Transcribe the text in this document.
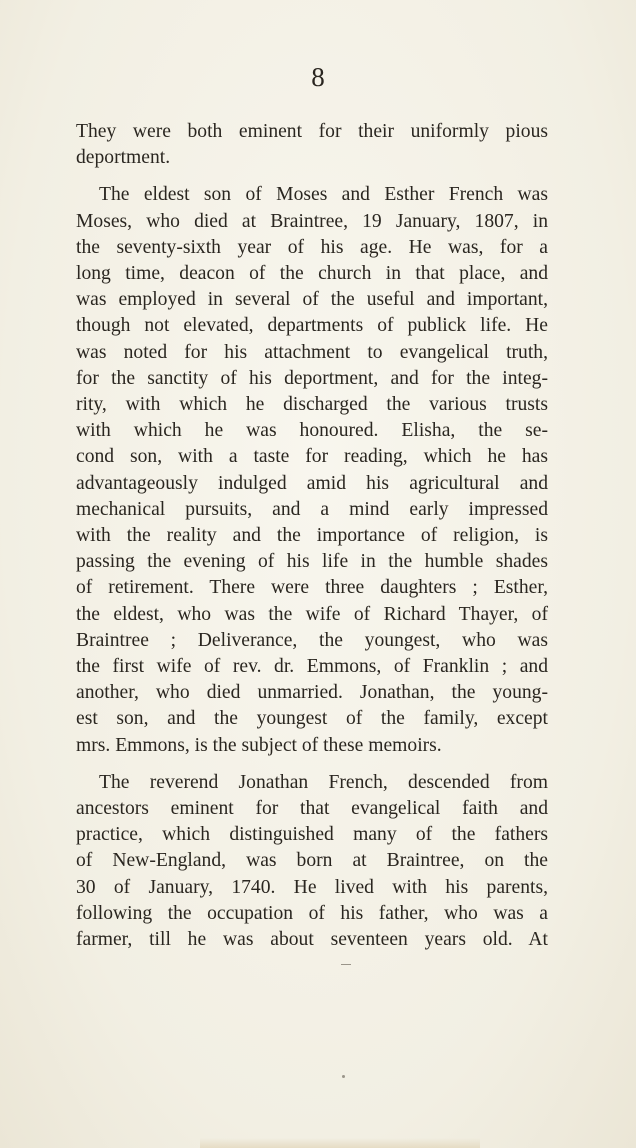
8

They were both eminent for their uniformly pious
deportment.

The eldest son of Moses and Esther French was
Moses, who died at Braintree, 19 January, 1807, in
the seventy-sixth year of his age. He was, for a
long time, deacon of the church in that place, and
was employed in several of the useful and important,
though not elevated, departments of publick life. He
was noted for his attachment to evangelical truth,
for the sanctity of his deportment, and for the integ-
rity, with which he discharged the various trusts
with which he was honoured. Elisha, the se-
cond son, with a taste for reading, which he has
advantageously indulged amid his agricultural and
mechanical pursuits, and a mind early impressed
with the reality and the importance of religion, is
passing the evening of his life in the humble shades
of retirement. There were three daughters ; Esther,
the eldest, who was the wife of Richard Thayer, of
Braintree ; Deliverance, the youngest, who was
the first wife of rev. dr. Emmons, of Franklin ; and
another, who died unmarried. Jonathan, the young-
est son, and the youngest of the family, except
mrs. Emmons, is the subject of these memoirs.

The reverend Jonathan French, descended from
ancestors eminent for that evangelical faith and
practice, which distinguished many of the fathers
of New-England, was born at Braintree, on the
30 of January, 1740. He lived with his parents,
following the occupation of his father, who was a
farmer, till he was about seventeen years old. At
